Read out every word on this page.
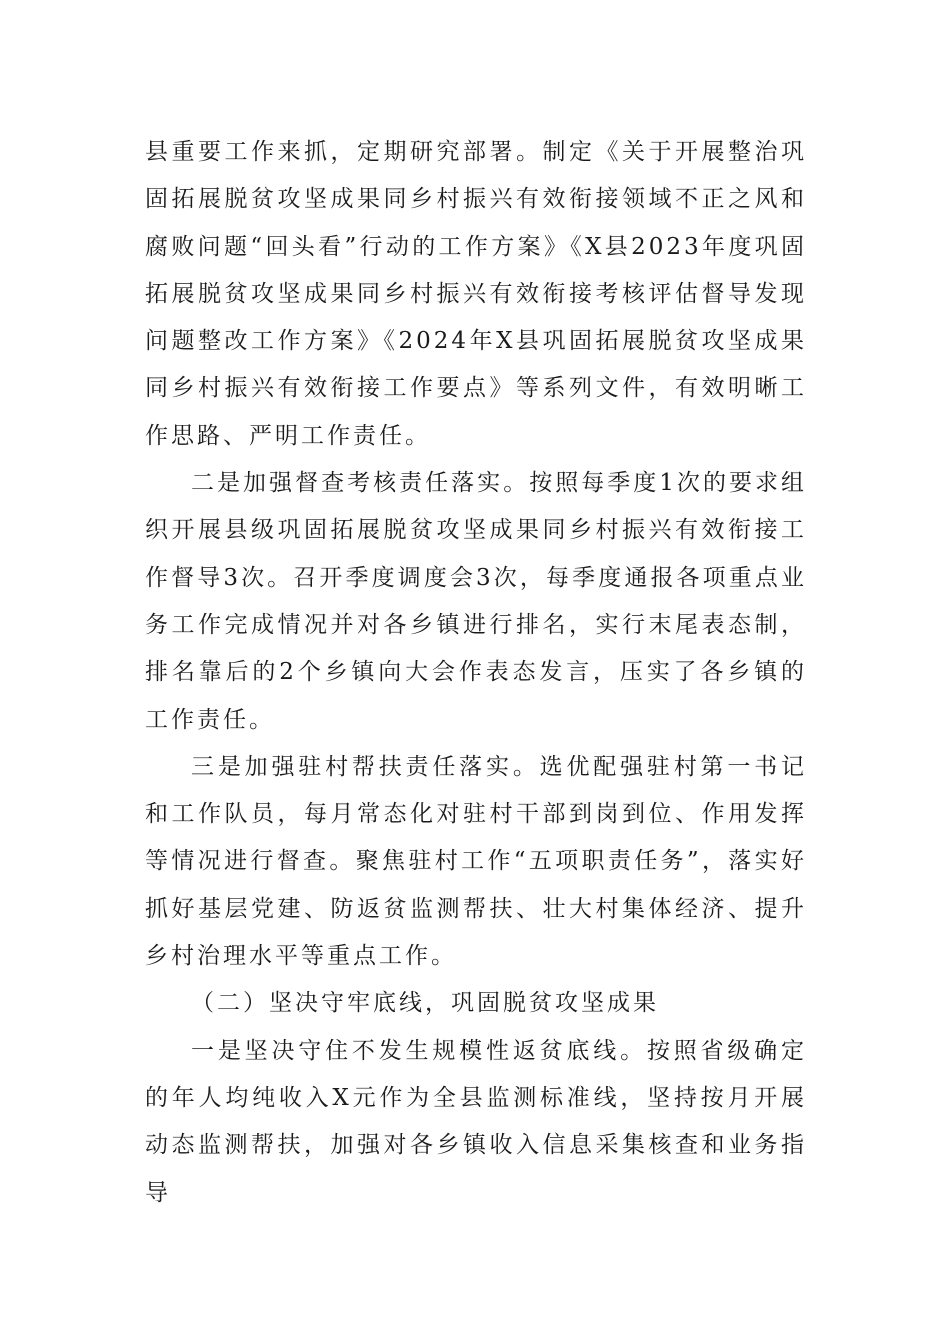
县重要工作来抓，定期研究部署。制定《关于开展整治巩固拓展脱贫攻坚成果同乡村振兴有效衔接领域不正之风和腐败问题“回头看”行动的工作方案》《X县2023年度巩固拓展脱贫攻坚成果同乡村振兴有效衔接考核评估督导发现问题整改工作方案》《2024年X县巩固拓展脱贫攻坚成果同乡村振兴有效衔接工作要点》等系列文件，有效明晰工作思路、严明工作责任。

二是加强督查考核责任落实。按照每季度1次的要求组织开展县级巩固拓展脱贫攻坚成果同乡村振兴有效衔接工作督导3次。召开季度调度会3次，每季度通报各项重点业务工作完成情况并对各乡镇进行排名，实行末尾表态制，排名靠后的2个乡镇向大会作表态发言，压实了各乡镇的工作责任。

三是加强驻村帮扶责任落实。选优配强驻村第一书记和工作队员，每月常态化对驻村干部到岗到位、作用发挥等情况进行督查。聚焦驻村工作“五项职责任务”，落实好抓好基层党建、防返贫监测帮扶、壮大村集体经济、提升乡村治理水平等重点工作。

（二）坚决守牢底线，巩固脱贫攻坚成果

一是坚决守住不发生规模性返贫底线。按照省级确定的年人均纯收入X元作为全县监测标准线，坚持按月开展动态监测帮扶，加强对各乡镇收入信息采集核查和业务指导
